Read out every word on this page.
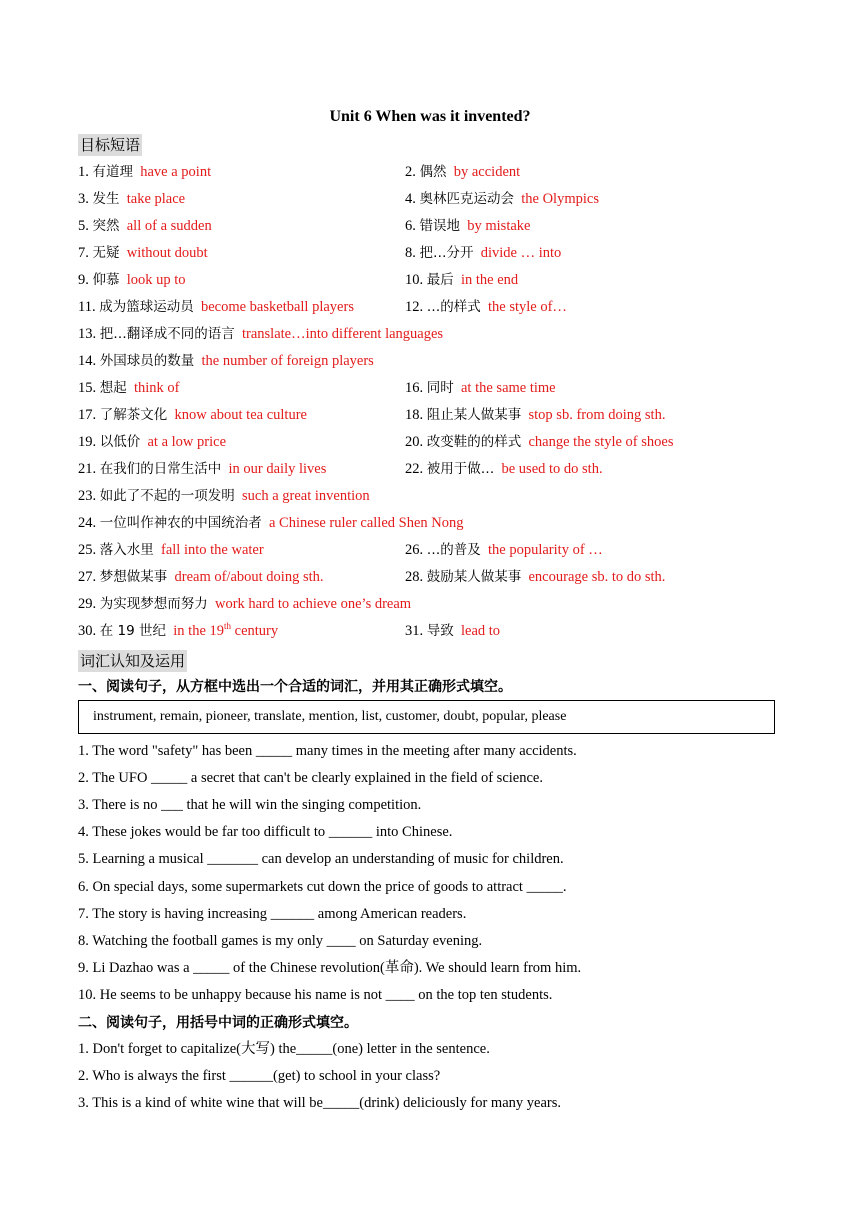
Unit 6 When was it invented?
目标短语
1. 有道理 have a point	2. 偶然 by accident
3. 发生  take place	4. 奥林匹克运动会 the Olympics
5. 突然 all of a sudden	6. 错误地 by mistake
7. 无疑 without doubt	8. 把…分开 divide … into
9. 仰慕 look up to	10. 最后 in the end
11. 成为篮球运动员 become basketball players	12. …的样式 the style of…
13. 把…翻译成不同的语言 translate…into different languages
14. 外国球员的数量 the number of foreign players
15. 想起 think of	16. 同时 at the same time
17. 了解茶文化 know about tea culture	18. 阻止某人做某事 stop sb. from doing sth.
19. 以低价 at a low price	20. 改变鞋的的样式 change the style of shoes
21. 在我们的日常生活中 in our daily lives	22. 被用于做… be used to do sth.
23. 如此了不起的一项发明 such a great invention
24. 一位叫作神农的中国统治者 a Chinese ruler called Shen Nong
25. 落入水里  fall into the water	26. …的普及 the popularity of …
27. 梦想做某事 dream of/about doing sth.	28. 鼓励某人做某事 encourage sb. to do sth.
29. 为实现梦想而努力 work hard to achieve one’s dream
30. 在 19 世纪 in the 19th century	31. 导致 lead to
词汇认知及运用
一、阅读句子，从方框中选出一个合适的词汇，并用其正确形式填空。
instrument, remain, pioneer, translate, mention, list, customer, doubt, popular, please
1. The word "safety" has been _____ many times in the meeting after many accidents.
2. The UFO _____ a secret that can't be clearly explained in the field of science.
3. There is no ___ that he will win the singing competition.
4. These jokes would be far too difficult to ______ into Chinese.
5. Learning a musical _______ can develop an understanding of music for children.
6. On special days, some supermarkets cut down the price of goods to attract _____.
7. The story is having increasing ______ among American readers.
8. Watching the football games is my only ____ on Saturday evening.
9. Li Dazhao was a _____ of the Chinese revolution(革命). We should learn from him.
10. He seems to be unhappy because his name is not ____ on the top ten students.
二、阅读句子，用括号中词的正确形式填空。
1. Don't forget to capitalize(大写) the_____(one) letter in the sentence.
2. Who is always the first ______(get) to school in your class?
3. This is a kind of white wine that will be_____(drink) deliciously for many years.
